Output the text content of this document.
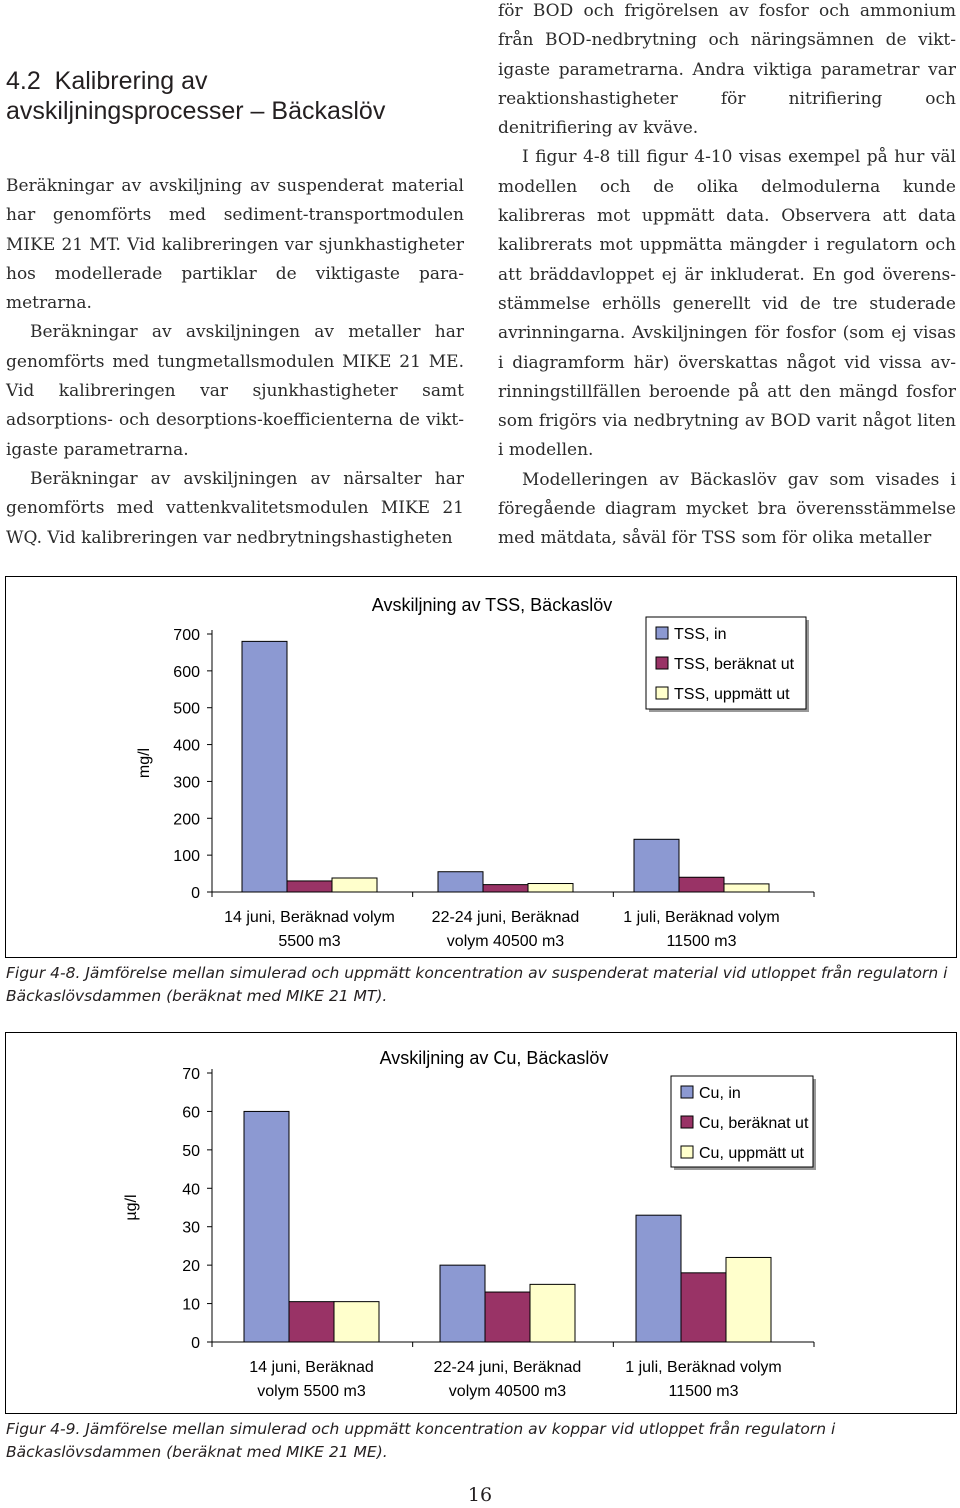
4.2 Kalibrering av
avskiljningsprocesser – Bäckaslöv

Beräkningar av avskiljning av suspenderat material har genomförts med sediment-transportmodulen MIKE 21 MT. Vid kalibreringen var sjunkhastigheter hos modellerade partiklar de viktigaste parametrarna.

Beräkningar av avskiljningen av metaller har genomförts med tungmetallsmodulen MIKE 21 ME. Vid kalibreringen var sjunkhastigheter samt adsorptions- och desorptions-koefficienterna de viktigaste parametrarna.

Beräkningar av avskiljningen av närsalter har genomförts med vattenkvalitetsmodulen MIKE 21 WQ. Vid kalibreringen var nedbrytningshastigheten

för BOD och frigörelsen av fosfor och ammonium från BOD-nedbrytning och näringsämnen de viktigaste parametrarna. Andra viktiga parametrar var reaktionshastigheter för nitrifiering och denitrifiering av kväve.

I figur 4-8 till figur 4-10 visas exempel på hur väl modellen och de olika delmodulerna kunde kalibreras mot uppmätt data. Observera att data kalibrerats mot uppmätta mängder i regulatorn och att bräddavloppet ej är inkluderat. En god överensstämmelse erhölls generellt vid de tre studerade avrinningarna. Avskiljningen för fosfor (som ej visas i diagramform här) överskattas något vid vissa avrinningstillfällen beroende på att den mängd fosfor som frigörs via nedbrytning av BOD varit något liten i modellen.

Modelleringen av Bäckaslöv gav som visades i föregående diagram mycket bra överensstämmelse med mätdata, såväl för TSS som för olika metaller

Avskiljning av TSS, Bäckaslöv
0
100
200
300
400
500
600
700
mg/l
14 juni, Beräknad volym
5500 m3
22-24 juni, Beräknad
volym 40500 m3
1 juli, Beräknad volym
11500 m3
TSS, in
TSS, beräknat ut
TSS, uppmätt ut
Figur 4-8. Jämförelse mellan simulerad och uppmätt koncentration av suspenderat material vid utloppet från regulatorn i Bäckaslövsdammen (beräknat med MIKE 21 MT).
Avskiljning av Cu, Bäckaslöv
0
10
20
30
40
50
60
70
µg/l
14 juni, Beräknad
volym 5500 m3
22-24 juni, Beräknad
volym 40500 m3
1 juli, Beräknad volym
11500 m3
Cu, in
Cu, beräknat ut
Cu, uppmätt ut
Figur 4-9. Jämförelse mellan simulerad och uppmätt koncentration av koppar vid utloppet från regulatorn i Bäckaslövsdammen (beräknat med MIKE 21 ME).
16
